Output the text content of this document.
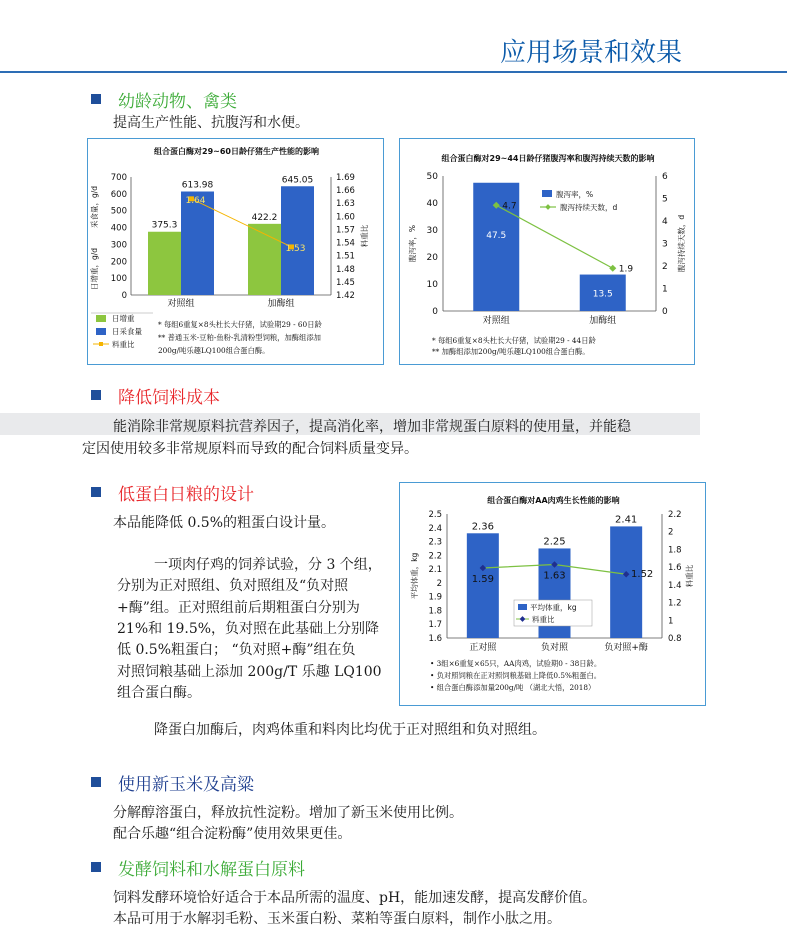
应用场景和效果
幼龄动物、禽类
提高生产性能、抗腹泻和水便。
组合蛋白酶对29~60日龄仔猪生产性能的影响
0
100
200
300
400
500
600
700
1.42
1.45
1.48
1.51
1.54
1.57
1.60
1.63
1.66
1.69
采食量，g/d
日增重，g/d
料重比
375.3
613.98
对照组
422.2
645.05
加酶组
1.64
1.53
日增重
日采食量
料重比
* 每组6重复×8头杜长大仔猪，试验期29 - 60日龄
** 普通玉米-豆粕-鱼粉-乳清粉型饲粮，加酶组添加
200g/吨乐趣LQ100组合蛋白酶。
组合蛋白酶对29~44日龄仔猪腹泻率和腹泻持续天数的影响
0
10
20
30
40
50
0
1
2
3
4
5
6
腹泻率，%	腹泻持续天数，d
47.5
对照组
13.5
加酶组
4.7
1.9
腹泻率，%
腹泻持续天数，d
* 每组6重复×8头杜长大仔猪，试验期29 - 44日龄
** 加酶组添加200g/吨乐趣LQ100组合蛋白酶。
降低饲料成本
能消除非常规原料抗营养因子，提高消化率，增加非常规蛋白原料的使用量，并能稳
定因使用较多非常规原料而导致的配合饲料质量变异。
低蛋白日粮的设计
本品能降低 0.5%的粗蛋白设计量。
一项肉仔鸡的饲养试验，分 3 个组，
分别为正对照组、负对照组及“负对照
+酶”组。正对照组前后期粗蛋白分别为
21%和 19.5%，负对照在此基础上分别降
低 0.5%粗蛋白； “负对照+酶”组在负
对照饲粮基础上添加 200g/T 乐趣 LQ100
组合蛋白酶。
降蛋白加酶后，肉鸡体重和料肉比均优于正对照组和负对照组。
组合蛋白酶对AA肉鸡生长性能的影响
1.6
1.7
1.8
1.9
2
2.1
2.2
2.3
2.4
2.5
0.8
1
1.2
1.4
1.6
1.8
2
2.2
平均体重，kg	料重比
2.36
正对照
2.25
负对照
2.41
负对照+酶
1.59	1.63	1.52
平均体重，kg
料重比
• 3组×6重复×65只，AA肉鸡，试验期0 - 38日龄。
• 负对照饲粮在正对照饲粮基础上降低0.5%粗蛋白。
• 组合蛋白酶添加量200g/吨 （湖北大悟，2018）
使用新玉米及高粱
分解醇溶蛋白，释放抗性淀粉。增加了新玉米使用比例。
配合乐趣“组合淀粉酶”使用效果更佳。
发酵饲料和水解蛋白原料
饲料发酵环境恰好适合于本品所需的温度、pH，能加速发酵，提高发酵价值。
本品可用于水解羽毛粉、玉米蛋白粉、菜粕等蛋白原料，制作小肽之用。
